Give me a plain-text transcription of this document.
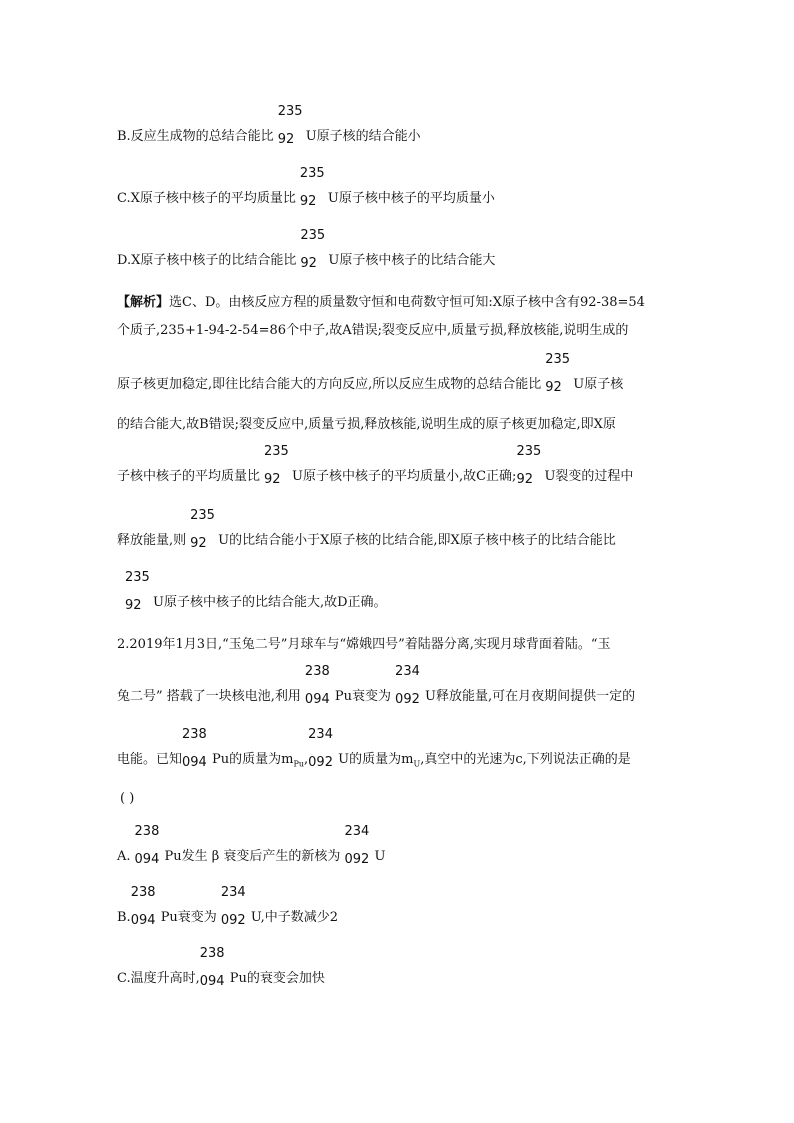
B.反应生成物的总结合能比
235
92 U原子核的结合能小
C.X原子核中核子的平均质量比
235
92 U原子核中核子的平均质量小
D.X原子核中核子的比结合能比
235
92 U原子核中核子的比结合能大
【解析】选C、D。由核反应方程的质量数守恒和电荷数守恒可知:X原子核中含有92-38=54
个质子,235+1-94-2-54=86个中子,故A错误;裂变反应中,质量亏损,释放核能,说明生成的
原子核更加稳定,即往比结合能大的方向反应,所以反应生成物的总结合能比
235
92 U原子核
的结合能大,故B错误;裂变反应中,质量亏损,释放核能,说明生成的原子核更加稳定,即X原
子核中核子的平均质量比
235
92 U原子核中核子的平均质量小,故C正确;
235
92 U裂变的过程中
释放能量,则
235
92 U的比结合能小于X原子核的比结合能,即X原子核中核子的比结合能比
235
92 U原子核中核子的比结合能大,故D正确。
2.2019年1月3日,“玉兔二号”月球车与“嫦娥四号”着陆器分离,实现月球背面着陆。“玉
兔二号” 搭载了一块核电池,利用
238
094 Pu衰变为
234
092 U释放能量,可在月夜期间提供一定的
电能。已知
238
094 Pu的质量为$m_{Pu}$,
234
092 U的质量为$m_U$,真空中的光速为c,下列说法正确的是
( )
A.
238
094 Pu发生 β 衰变后产生的新核为
234
092 U
B.
238
094 Pu衰变为
234
092 U,中子数减少2
C.温度升高时,
238
094 Pu的衰变会加快
